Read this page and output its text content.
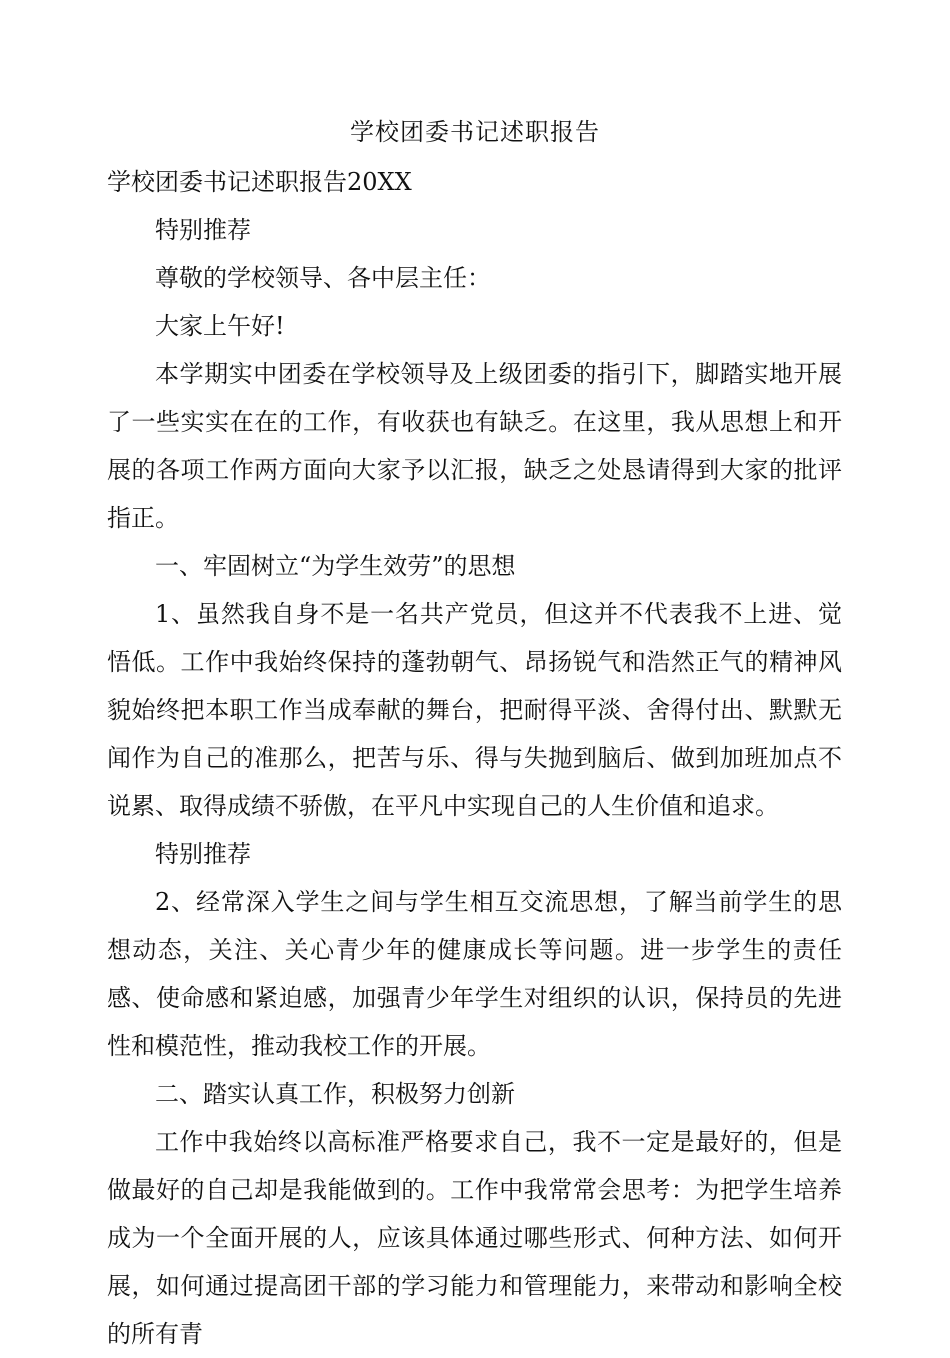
学校团委书记述职报告

学校团委书记述职报告20XX

特别推荐

尊敬的学校领导、各中层主任：

大家上午好!

本学期实中团委在学校领导及上级团委的指引下，脚踏实地开展了一些实实在在的工作，有收获也有缺乏。在这里，我从思想上和开展的各项工作两方面向大家予以汇报，缺乏之处恳请得到大家的批评指正。

一、牢固树立“为学生效劳”的思想

1、虽然我自身不是一名共产党员，但这并不代表我不上进、觉悟低。工作中我始终保持的蓬勃朝气、昂扬锐气和浩然正气的精神风貌始终把本职工作当成奉献的舞台，把耐得平淡、舍得付出、默默无闻作为自己的准那么，把苦与乐、得与失抛到脑后、做到加班加点不说累、取得成绩不骄傲，在平凡中实现自己的人生价值和追求。

特别推荐

2、经常深入学生之间与学生相互交流思想，了解当前学生的思想动态，关注、关心青少年的健康成长等问题。进一步学生的责任感、使命感和紧迫感，加强青少年学生对组织的认识，保持员的先进性和模范性，推动我校工作的开展。

二、踏实认真工作，积极努力创新

工作中我始终以高标准严格要求自己，我不一定是最好的，但是做最好的自己却是我能做到的。工作中我常常会思考：为把学生培养成为一个全面开展的人，应该具体通过哪些形式、何种方法、如何开展，如何通过提高团干部的学习能力和管理能力，来带动和影响全校的所有青
